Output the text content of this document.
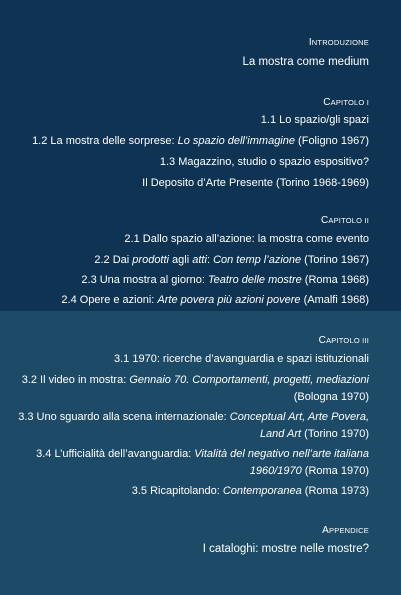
INTRODUZIONE
La mostra come medium
CAPITOLO I
1.1 Lo spazio/gli spazi
1.2 La mostra delle sorprese: Lo spazio dell’immagine (Foligno 1967)
1.3 Magazzino, studio o spazio espositivo?
Il Deposito d’Arte Presente (Torino 1968-1969)
CAPITOLO II
2.1 Dallo spazio all’azione: la mostra come evento
2.2 Dai prodotti agli atti: Con temp l’azione (Torino 1967)
2.3 Una mostra al giorno: Teatro delle mostre (Roma 1968)
2.4 Opere e azioni: Arte povera più azioni povere (Amalfi 1968)
CAPITOLO III
3.1 1970: ricerche d’avanguardia e spazi istituzionali
3.2 Il video in mostra: Gennaio 70. Comportamenti, progetti, mediazioni
(Bologna 1970)
3.3 Uno sguardo alla scena internazionale: Conceptual Art, Arte Povera,
Land Art (Torino 1970)
3.4 L’ufficialità dell’avanguardia: Vitalità del negativo nell’arte italiana
1960/1970 (Roma 1970)
3.5 Ricapitolando: Contemporanea (Roma 1973)
APPENDICE
I cataloghi: mostre nelle mostre?
